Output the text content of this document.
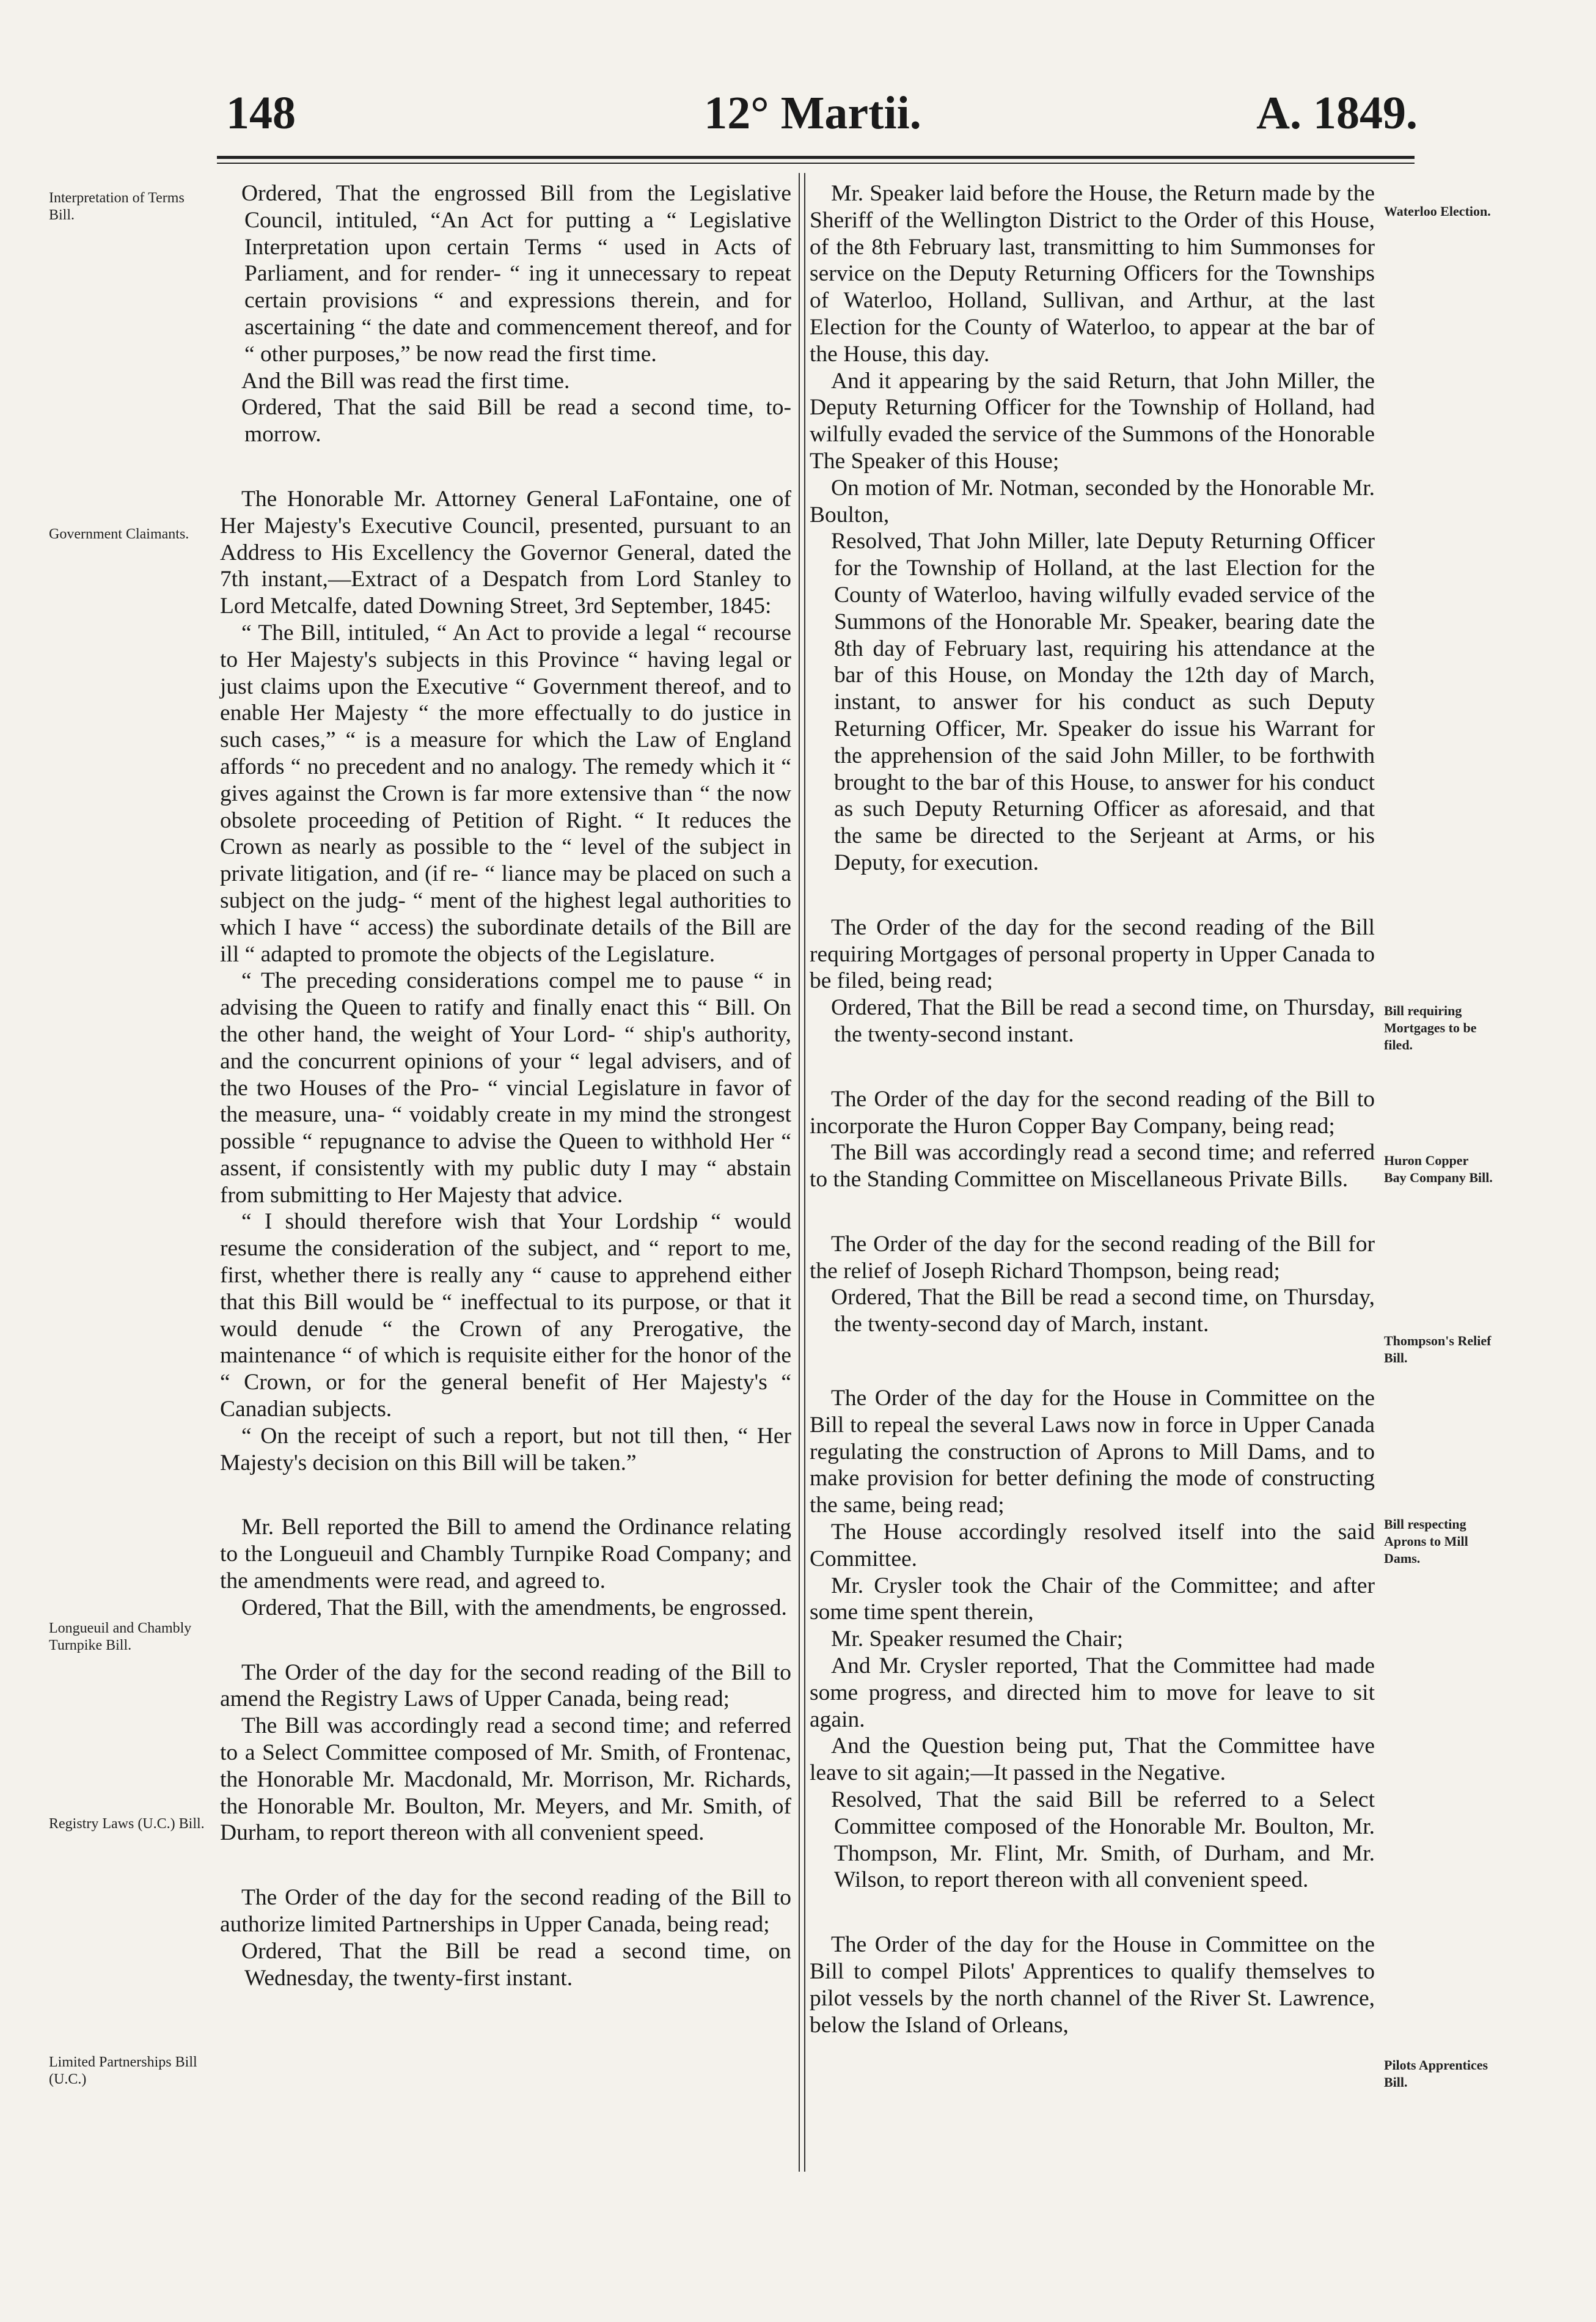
148	12° Martii.	A. 1849.
Interpretation of Terms Bill.
Government Claimants.
Longueuil and Chambly Turnpike Bill.
Registry Laws (U.C.) Bill.
Limited Partnerships Bill (U.C.)
Waterloo Election.
Bill requiring Mortgages to be filed.
Huron Copper Bay Company Bill.
Thompson's Relief Bill.
Bill respecting Aprons to Mill Dams.
Pilots Apprentices Bill.

Ordered, That the engrossed Bill from the Legislative Council, intituled, “An Act for putting a “ Legislative Interpretation upon certain Terms “ used in Acts of Parliament, and for render- “ ing it unnecessary to repeat certain provisions “ and expressions therein, and for ascertaining “ the date and commencement thereof, and for “ other purposes,” be now read the first time.

And the Bill was read the first time.

Ordered, That the said Bill be read a second time, to-morrow.

The Honorable Mr. Attorney General LaFontaine, one of Her Majesty's Executive Council, presented, pursuant to an Address to His Excellency the Governor General, dated the 7th instant,—Extract of a Despatch from Lord Stanley to Lord Metcalfe, dated Downing Street, 3rd September, 1845:

“ The Bill, intituled, “ An Act to provide a legal “ recourse to Her Majesty's subjects in this Province “ having legal or just claims upon the Executive “ Government thereof, and to enable Her Majesty “ the more effectually to do justice in such cases,” “ is a measure for which the Law of England affords “ no precedent and no analogy. The remedy which it “ gives against the Crown is far more extensive than “ the now obsolete proceeding of Petition of Right. “ It reduces the Crown as nearly as possible to the “ level of the subject in private litigation, and (if re- “ liance may be placed on such a subject on the judg- “ ment of the highest legal authorities to which I have “ access) the subordinate details of the Bill are ill “ adapted to promote the objects of the Legislature.

“ The preceding considerations compel me to pause “ in advising the Queen to ratify and finally enact this “ Bill. On the other hand, the weight of Your Lord- “ ship's authority, and the concurrent opinions of your “ legal advisers, and of the two Houses of the Pro- “ vincial Legislature in favor of the measure, una- “ voidably create in my mind the strongest possible “ repugnance to advise the Queen to withhold Her “ assent, if consistently with my public duty I may “ abstain from submitting to Her Majesty that advice.

“ I should therefore wish that Your Lordship “ would resume the consideration of the subject, and “ report to me, first, whether there is really any “ cause to apprehend either that this Bill would be “ ineffectual to its purpose, or that it would denude “ the Crown of any Prerogative, the maintenance “ of which is requisite either for the honor of the “ Crown, or for the general benefit of Her Majesty's “ Canadian subjects.

“ On the receipt of such a report, but not till then, “ Her Majesty's decision on this Bill will be taken.”

Mr. Bell reported the Bill to amend the Ordinance relating to the Longueuil and Chambly Turnpike Road Company; and the amendments were read, and agreed to.

Ordered, That the Bill, with the amendments, be engrossed.

The Order of the day for the second reading of the Bill to amend the Registry Laws of Upper Canada, being read;

The Bill was accordingly read a second time; and referred to a Select Committee composed of Mr. Smith, of Frontenac, the Honorable Mr. Macdonald, Mr. Morrison, Mr. Richards, the Honorable Mr. Boulton, Mr. Meyers, and Mr. Smith, of Durham, to report thereon with all convenient speed.

The Order of the day for the second reading of the Bill to authorize limited Partnerships in Upper Canada, being read;

Ordered, That the Bill be read a second time, on Wednesday, the twenty-first instant.

Mr. Speaker laid before the House, the Return made by the Sheriff of the Wellington District to the Order of this House, of the 8th February last, transmitting to him Summonses for service on the Deputy Returning Officers for the Townships of Waterloo, Holland, Sullivan, and Arthur, at the last Election for the County of Waterloo, to appear at the bar of the House, this day.

And it appearing by the said Return, that John Miller, the Deputy Returning Officer for the Township of Holland, had wilfully evaded the service of the Summons of the Honorable The Speaker of this House;

On motion of Mr. Notman, seconded by the Honorable Mr. Boulton,

Resolved, That John Miller, late Deputy Returning Officer for the Township of Holland, at the last Election for the County of Waterloo, having wilfully evaded service of the Summons of the Honorable Mr. Speaker, bearing date the 8th day of February last, requiring his attendance at the bar of this House, on Monday the 12th day of March, instant, to answer for his conduct as such Deputy Returning Officer, Mr. Speaker do issue his Warrant for the apprehension of the said John Miller, to be forthwith brought to the bar of this House, to answer for his conduct as such Deputy Returning Officer as aforesaid, and that the same be directed to the Serjeant at Arms, or his Deputy, for execution.

The Order of the day for the second reading of the Bill requiring Mortgages of personal property in Upper Canada to be filed, being read;

Ordered, That the Bill be read a second time, on Thursday, the twenty-second instant.

The Order of the day for the second reading of the Bill to incorporate the Huron Copper Bay Company, being read;

The Bill was accordingly read a second time; and referred to the Standing Committee on Miscellaneous Private Bills.

The Order of the day for the second reading of the Bill for the relief of Joseph Richard Thompson, being read;

Ordered, That the Bill be read a second time, on Thursday, the twenty-second day of March, instant.

The Order of the day for the House in Committee on the Bill to repeal the several Laws now in force in Upper Canada regulating the construction of Aprons to Mill Dams, and to make provision for better defining the mode of constructing the same, being read;

The House accordingly resolved itself into the said Committee.

Mr. Crysler took the Chair of the Committee; and after some time spent therein,

Mr. Speaker resumed the Chair;

And Mr. Crysler reported, That the Committee had made some progress, and directed him to move for leave to sit again.

And the Question being put, That the Committee have leave to sit again;—It passed in the Negative.

Resolved, That the said Bill be referred to a Select Committee composed of the Honorable Mr. Boulton, Mr. Thompson, Mr. Flint, Mr. Smith, of Durham, and Mr. Wilson, to report thereon with all convenient speed.

The Order of the day for the House in Committee on the Bill to compel Pilots' Apprentices to qualify themselves to pilot vessels by the north channel of the River St. Lawrence, below the Island of Orleans,
